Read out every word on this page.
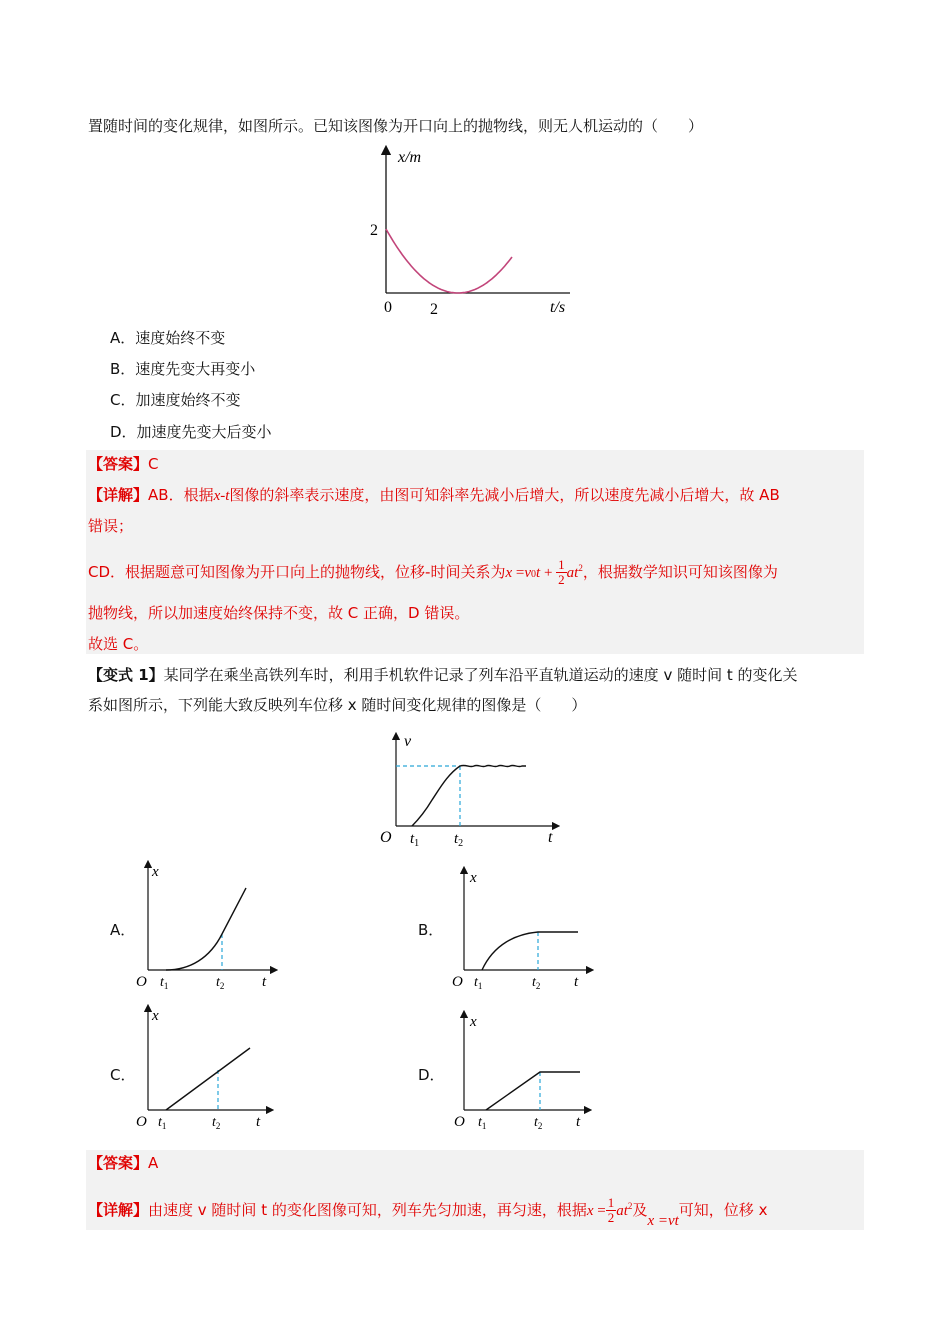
置随时间的变化规律，如图所示。已知该图像为开口向上的抛物线，则无人机运动的（　　）
x/m
2
0 2	t/s
A．速度始终不变
B．速度先变大再变小
C．加速度始终不变
D．加速度先变大后变小
【答案】C
【详解】AB．根据x-t图像的斜率表示速度，由图可知斜率先减小后增大，所以速度先减小后增大，故 AB
错误；
CD．根据题意可知图像为开口向上的抛物线，位移-时间关系为$x =v0t + \frac{1}{2} at^2$，根据数学知识可知该图像为
抛物线，所以加速度始终保持不变，故 C 正确，D 错误。
故选 C。
【变式 1】某同学在乘坐高铁列车时，利用手机软件记录了列车沿平直轨道运动的速度 v 随时间 t 的变化关
系如图所示，下列能大致反映列车位移 x 随时间变化规律的图像是（　　）
v
O $t_1$ $t_2$	t
A．
x
O $t_1$	$t_2$	t
B．
x
O $t_1$	$t_2$ t
C．
x
O $t_1$	$t_2$ t
D．
x
O $t_1$	$t_2$ t
【答案】A
【详解】由速度 v 随时间 t 的变化图像可知，列车先匀加速，再匀速，根据$x = \frac{1}{2} at^2$及x =vt可知，位移 x
